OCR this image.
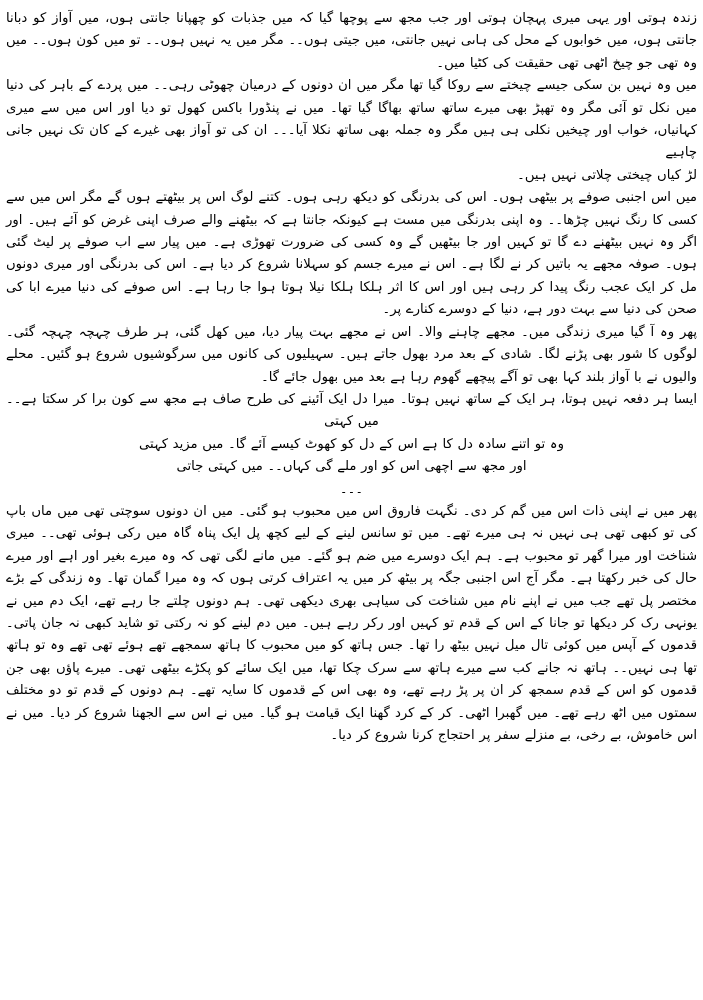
زندہ ہوتی اور یہی میری پہچان ہوتی اور جب مجھ سے پوچھا گیا کہ میں جذبات کو چھپانا جانتی ہوں، میں آواز کو دبانا جانتی ہوں، میں خوابوں کے محل کی ہاںی نہیں جانتی، میں جیتی ہوں۔۔ مگر میں یہ نہیں ہوں۔۔ تو میں کون ہوں۔۔ میں وہ تھی جو چیخ اٹھی تھی حقیقت کی کٹیا میں۔

میں وہ نہیں بن سکی جیسے چیختے سے روکا گیا تھا مگر میں ان دونوں کے درمیان چھوٹی رہی۔۔ میں پردے کے باہر کی دنیا میں نکل تو آئی مگر وہ تھپڑ بھی میرے ساتھ ساتھ بھاگا گیا تھا۔ میں نے پنڈورا باکس کھول تو دیا اور اس میں سے میری کہانیاں، خواب اور چیخیں نکلی ہی ہیں مگر وہ جملہ بھی ساتھ نکلا آیا۔۔۔ ان کی تو آواز بھی غیرے کے کان تک نہیں جانی چاہیے

لڑ کیاں چیختی چلاتی نہیں ہیں۔

میں اس اجنبی صوفے پر بیٹھی ہوں۔ اس کی بدرنگی کو دیکھ رہی ہوں۔ کتنے لوگ اس پر بیٹھتے ہوں گے مگر اس میں سے کسی کا رنگ نہیں چڑھا۔۔ وہ اپنی بدرنگی میں مست ہے کیونکہ جانتا ہے کہ بیٹھنے والے صرف اپنی غرض کو آئے ہیں۔ اور اگر وہ نہیں بیٹھنے دے گا تو کہیں اور جا بیٹھیں گے وہ کسی کی ضرورت تھوڑی ہے۔ میں پیار سے اب صوفے پر لیٹ گئی ہوں۔ صوفہ مجھے یہ باتیں کر نے لگا ہے۔ اس نے میرے جسم کو سہلانا شروع کر دیا ہے۔ اس کی بدرنگی اور میری دونوں مل کر ایک عجب رنگ پیدا کر رہی ہیں اور اس کا اثر ہلکا ہلکا نیلا ہوتا ہوا جا رہا ہے۔ اس صوفے کی دنیا میرے ابا کی صحن کی دنیا سے بہت دور ہے، دنیا کے دوسرے کنارے پر۔

پھر وہ آ گیا میری زندگی میں۔ مجھے چاہنے والا۔ اس نے مجھے بہت پیار دیا، میں کھل گئی، ہر طرف چہچہ چہچہ گئی۔ لوگوں کا شور بھی پڑنے لگا۔ شادی کے بعد مرد بھول جاتے ہیں۔ سہیلیوں کی کانوں میں سرگوشیوں شروع ہو گئیں۔ محلے والیوں نے با آواز بلند کہا بھی تو آگے پیچھے گھوم رہا ہے بعد میں بھول جائے گا۔

ایسا ہر دفعہ نہیں ہوتا، ہر ایک کے ساتھ نہیں ہوتا۔ میرا دل ایک آئینے کی طرح صاف ہے مجھ سے کون برا کر سکتا ہے۔۔ میں کہتی

وہ تو اتنے سادہ دل کا ہے اس کے دل کو کھوٹ کیسے آئے گا۔ میں مزید کہتی

اور مجھ سے اچھی اس کو اور ملے گی کہاں۔۔ میں کہتی جاتی

۔۔۔

پھر میں نے اپنی ذات اس میں گم کر دی۔ نگہت فاروق اس میں محبوب ہو گئی۔ میں ان دونوں سوچتی تھی میں ماں باپ کی تو کبھی تھی ہی نہیں نہ ہی میرے تھے۔ میں تو سانس لینے کے لیے کچھ پل ایک پناہ گاہ میں رکی ہوئی تھی۔۔ میری شناخت اور میرا گھر تو محبوب ہے۔ ہم ایک دوسرے میں ضم ہو گئے۔ میں مانے لگی تھی کہ وہ میرے بغیر اور اہے اور میرے حال کی خبر رکھتا ہے۔ مگر آج اس اجنبی جگہ پر بیٹھ کر میں یہ اعتراف کرتی ہوں کہ وہ میرا گمان تھا۔ وہ زندگی کے بڑے مختصر پل تھے جب میں نے اپنے نام میں شناخت کی سیاہی بھری دیکھی تھی۔ ہم دونوں چلتے جا رہے تھے، ایک دم میں نے یونہی رک کر دیکھا تو جانا کے اس کے قدم تو کہیں اور رکر رہے ہیں۔ میں دم لینے کو نہ رکتی تو شاید کبھی نہ جان پاتی۔ قدموں کے آپس میں کوئی تال میل نہیں بیٹھ را تھا۔ جس ہاتھ کو میں محبوب کا ہاتھ سمجھے تھے ہوئے تھی تھے وہ تو ہاتھ تھا ہی نہیں۔۔ ہاتھ نہ جانے کب سے میرے ہاتھ سے سرک چکا تھا، میں ایک سائے کو پکڑے بیٹھی تھی۔ میرے پاؤں بھی جن قدموں کو اس کے قدم سمجھ کر ان پر پڑ رہے تھے، وہ بھی اس کے قدموں کا سایہ تھے۔ ہم دونوں کے قدم تو دو مختلف سمتوں میں اٹھ رہے تھے۔ میں گھبرا اٹھی۔ کر کے کرد گھنا ایک قیامت ہو گیا۔ میں نے اس سے الجھنا شروع کر دیا۔ میں نے اس خاموش، بے رخی، بے منزلے سفر پر احتجاج کرنا شروع کر دیا۔
